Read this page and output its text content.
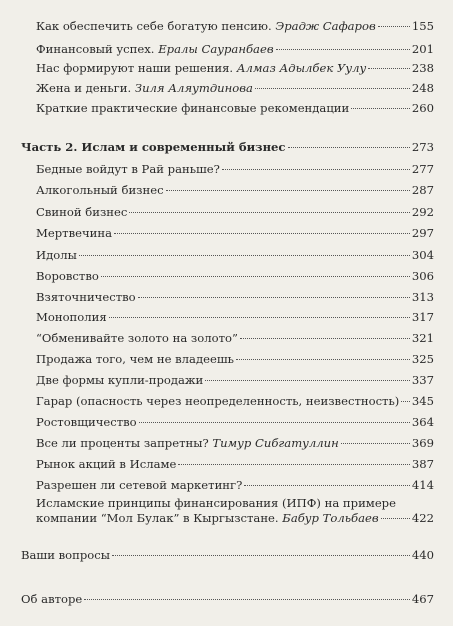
Как обеспечить себе богатую пенсию. Эрадж Сафаров	155
Финансовый успех. Ералы Сауранбаев	201
Нас формируют наши решения. Алмаз Адылбек Уулу	238
Жена и деньги. Зиля Аляутдинова	248
Краткие практические финансовые рекомендации	260
Часть 2. Ислам и современный бизнес	273
Бедные войдут в Рай раньше?	277
Алкогольный бизнес	287
Свиной бизнес	292
Мертвечина	297
Идолы	304
Воровство	306
Взяточничество	313
Монополия	317
“Обменивайте золото на золото”	321
Продажа того, чем не владеешь	325
Две формы купли-продажи	337
Гарар (опасность через неопределенность, неизвестность) 345
Ростовщичество	364
Все ли проценты запретны? Тимур Сибгатуллин	369
Рынок акций в Исламе	387
Разрешен ли сетевой маркетинг?	414
Исламские принципы финансирования (ИПФ) на примере
компании “Мол Булак” в Кыргызстане. Бабур Тольбаев	422
Ваши вопросы	440
Об авторе	467
